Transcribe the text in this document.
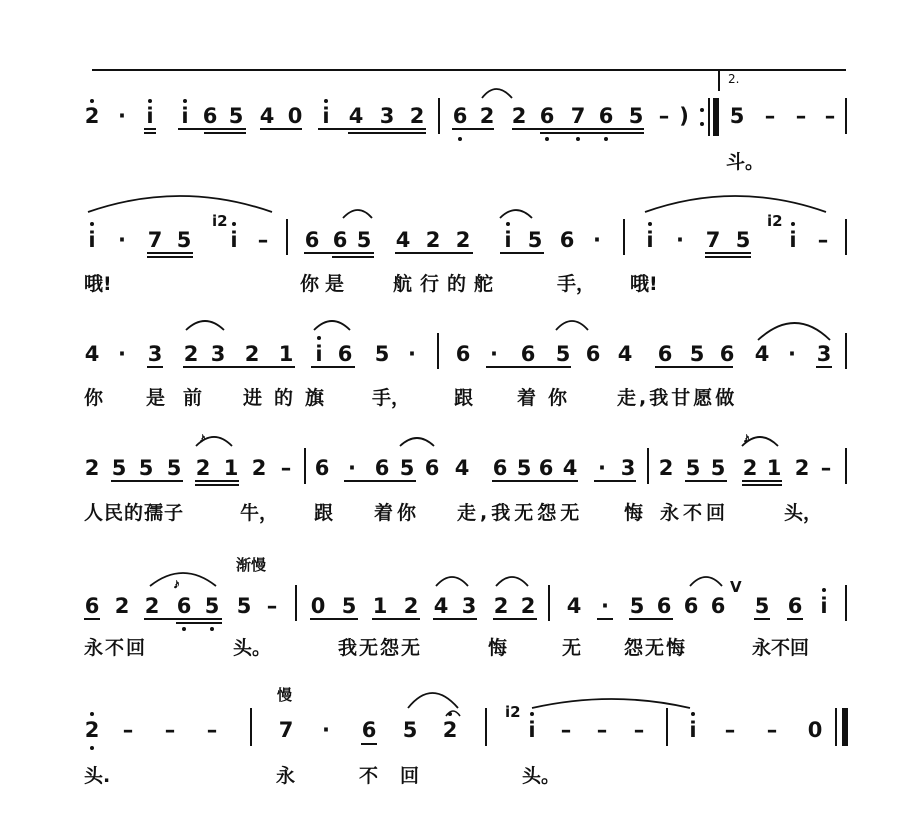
2.
2 · i i 6 5 4 0 i 4 3 2 6 2 2 6 7 6 5 – ) 5 – – –
斗。
i · 7 5
i2
i – 6 6 5 4 2 2 i 5 6 · i · 7 5
i2
i –
哦!	你是 航行的舵	手， 哦!
4 · 3 2 3 2 1 i 6 5 · 6 · 6 5 6 4 6 5 6 4 · 3
你 是前 进的旗 手， 跟 着你 走,我甘愿做
2 5 5 5 2 1 2 – 6 · 6 5 6 4 6 5 6 4 · 3 2 5 5 2 1 2 –
𝆔	𝆔
人民的孺子	牛， 跟 着你 走,我无怨无 悔 永不回	头，
渐慢
6 2 2 6 5 5 –
𝆔
0 5 1 2 4 3 2 2 4 · 5 6 6 6
V
5 6 i
永不回	头。	我无怨无	悔	无 怨无悔	永不回
慢
2 – – –	7 · 6 5 2
i2
i – – – i – – 0
头.	永	不 回	头。
